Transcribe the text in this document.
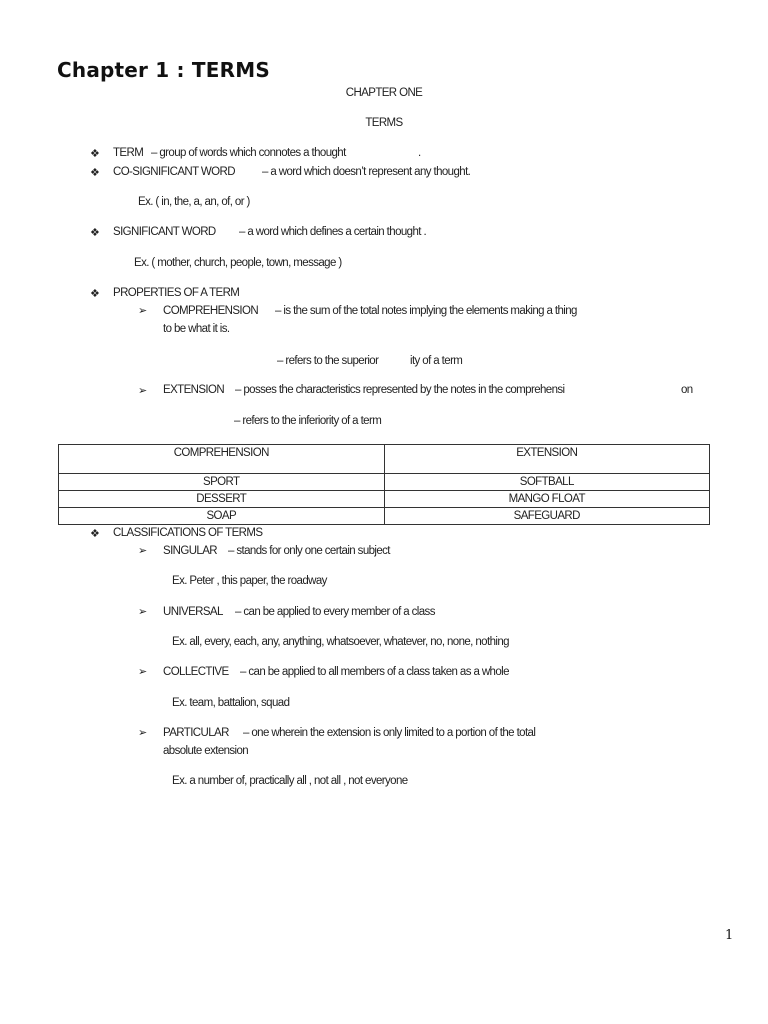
Chapter 1 : TERMS
CHAPTER ONE
TERMS
❖ TERM – group of words which connotes a thought	.
❖ CO-SIGNIFICANT WORD – a word which doesn’t represent any thought.
Ex. ( in, the, a, an, of, or )
❖ SIGNIFICANT WORD – a word which defines a certain thought .
Ex. ( mother, church, people, town, message )
❖ PROPERTIES OF A TERM
➢ COMPREHENSION – is the sum of the total notes implying the elements making a thing
to be what it is.
– refers to the superior	ity of a term
➢ EXTENSION – posses the characteristics represented by the notes in the comprehensi	on
– refers to the inferiority of a term
COMPREHENSION	EXTENSION
SPORT	SOFTBALL
DESSERT	MANGO FLOAT
SOAP	SAFEGUARD
❖ CLASSIFICATIONS OF TERMS
➢ SINGULAR – stands for only one certain subject
Ex. Peter , this paper, the roadway
➢ UNIVERSAL – can be applied to every member of a class
Ex. all, every, each, any, anything, whatsoever, whatever, no, none, nothing
➢ COLLECTIVE – can be applied to all members of a class taken as a whole
Ex. team, battalion, squad
➢ PARTICULAR – one wherein the extension is only limited to a portion of the total
absolute extension
Ex. a number of, practically all , not all , not everyone
1
